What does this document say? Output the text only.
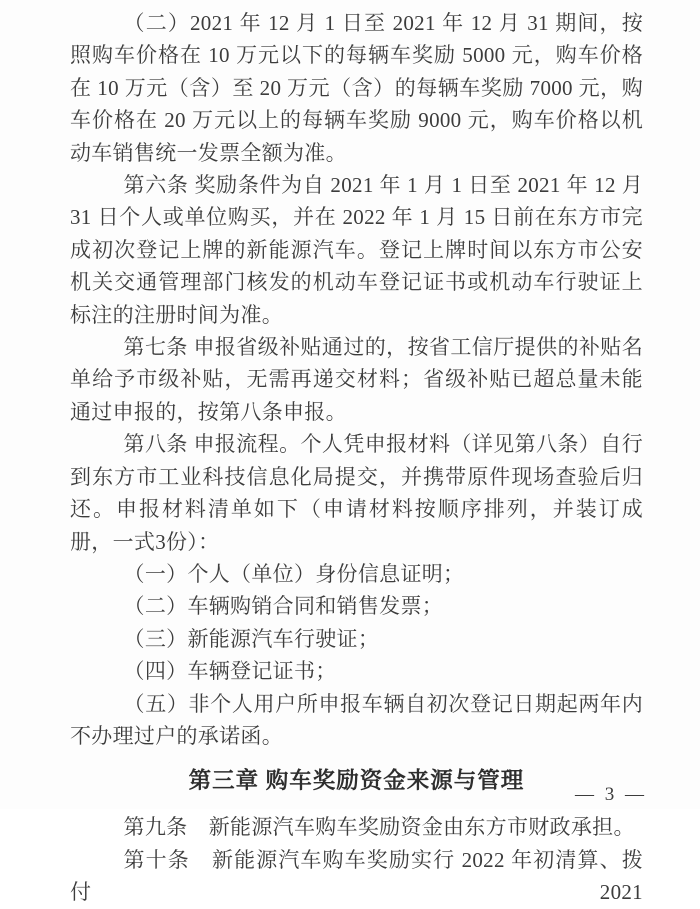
（二）2021 年 12 月 1 日至 2021 年 12 月 31 期间，按照购车价格在 10 万元以下的每辆车奖励 5000 元，购车价格在 10 万元（含）至 20 万元（含）的每辆车奖励 7000 元，购车价格在 20 万元以上的每辆车奖励 9000 元，购车价格以机动车销售统一发票全额为准。

第六条 奖励条件为自 2021 年 1 月 1 日至 2021 年 12 月 31 日个人或单位购买，并在 2022 年 1 月 15 日前在东方市完成初次登记上牌的新能源汽车。登记上牌时间以东方市公安机关交通管理部门核发的机动车登记证书或机动车行驶证上标注的注册时间为准。

第七条 申报省级补贴通过的，按省工信厅提供的补贴名单给予市级补贴，无需再递交材料；省级补贴已超总量未能通过申报的，按第八条申报。

第八条 申报流程。个人凭申报材料（详见第八条）自行到东方市工业科技信息化局提交，并携带原件现场查验后归还。申报材料清单如下（申请材料按顺序排列，并装订成册，一式3份）：

（一）个人（单位）身份信息证明；

（二）车辆购销合同和销售发票；

（三）新能源汽车行驶证；

（四）车辆登记证书；

（五）非个人用户所申报车辆自初次登记日期起两年内不办理过户的承诺函。

第三章 购车奖励资金来源与管理

第九条　新能源汽车购车奖励资金由东方市财政承担。

第十条　新能源汽车购车奖励实行 2022 年初清算、拨付 2021

— 3 —
